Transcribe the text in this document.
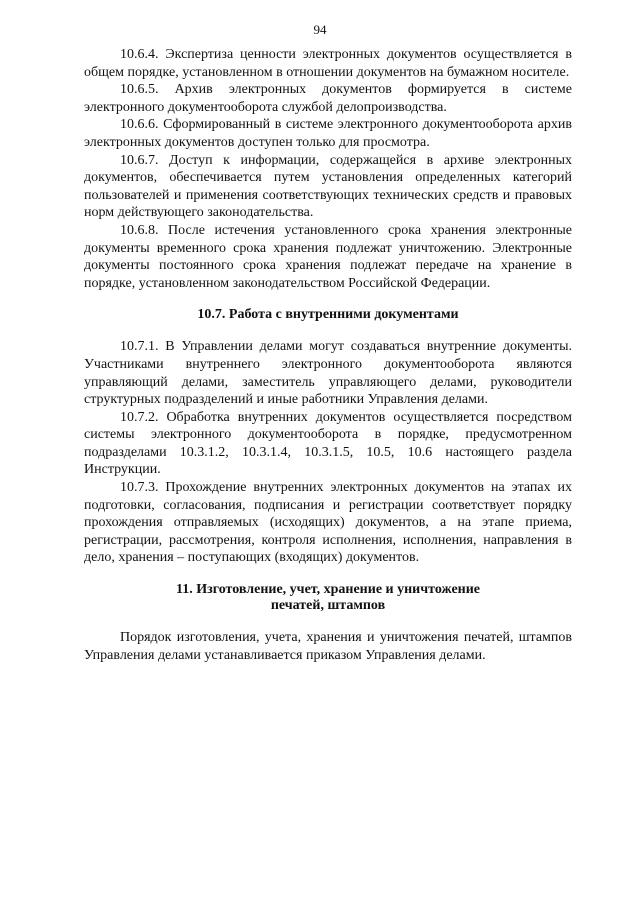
94

10.6.4. Экспертиза ценности электронных документов осуществляется в общем порядке, установленном в отношении документов на бумажном носителе.

10.6.5. Архив электронных документов формируется в системе электронного документооборота службой делопроизводства.

10.6.6. Сформированный в системе электронного документооборота архив электронных документов доступен только для просмотра.

10.6.7. Доступ к информации, содержащейся в архиве электронных документов, обеспечивается путем установления определенных категорий пользователей и применения соответствующих технических средств и правовых норм действующего законодательства.

10.6.8. После истечения установленного срока хранения электронные документы временного срока хранения подлежат уничтожению. Электронные документы постоянного срока хранения подлежат передаче на хранение в порядке, установленном законодательством Российской Федерации.

10.7. Работа с внутренними документами

10.7.1. В Управлении делами могут создаваться внутренние документы. Участниками внутреннего электронного документооборота являются управляющий делами, заместитель управляющего делами, руководители структурных подразделений и иные работники Управления делами.

10.7.2. Обработка внутренних документов осуществляется посредством системы электронного документооборота в порядке, предусмотренном подразделами 10.3.1.2, 10.3.1.4, 10.3.1.5, 10.5, 10.6 настоящего раздела Инструкции.

10.7.3. Прохождение внутренних электронных документов на этапах их подготовки, согласования, подписания и регистрации соответствует порядку прохождения отправляемых (исходящих) документов, а на этапе приема, регистрации, рассмотрения, контроля исполнения, исполнения, направления в дело, хранения – поступающих (входящих) документов.

11. Изготовление, учет, хранение и уничтожение
печатей, штампов

Порядок изготовления, учета, хранения и уничтожения печатей, штампов Управления делами устанавливается приказом Управления делами.
